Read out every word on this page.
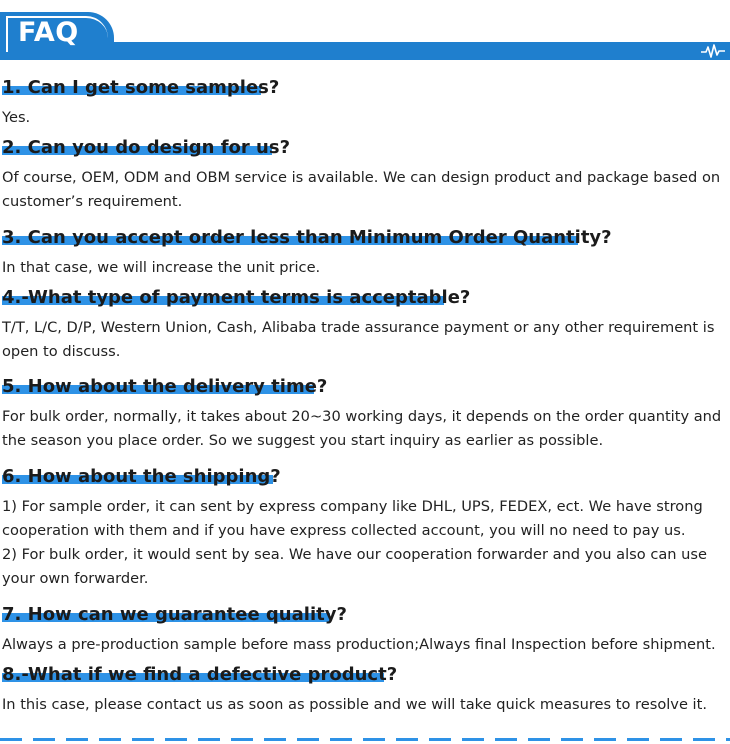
FAQ
1. Can I get some samples?
Yes.
2. Can you do design for us?
Of course, OEM, ODM and OBM service is available. We can design product and package based on
customer’s requirement.
3. Can you accept order less than Minimum Order Quantity?
In that case, we will increase the unit price.
4.-What type of payment terms is acceptable?
T/T, L/C, D/P, Western Union, Cash, Alibaba trade assurance payment or any other requirement is
open to discuss.
5. How about the delivery time?
For bulk order, normally, it takes about 20~30 working days, it depends on the order quantity and
the season you place order. So we suggest you start inquiry as earlier as possible.
6. How about the shipping?
1) For sample order, it can sent by express company like DHL, UPS, FEDEX, ect. We have strong
cooperation with them and if you have express collected account, you will no need to pay us.
2) For bulk order, it would sent by sea. We have our cooperation forwarder and you also can use
your own forwarder.
7. How can we guarantee quality?
Always a pre-production sample before mass production;Always final Inspection before shipment.
8.-What if we find a defective product?
In this case, please contact us as soon as possible and we will take quick measures to resolve it.
